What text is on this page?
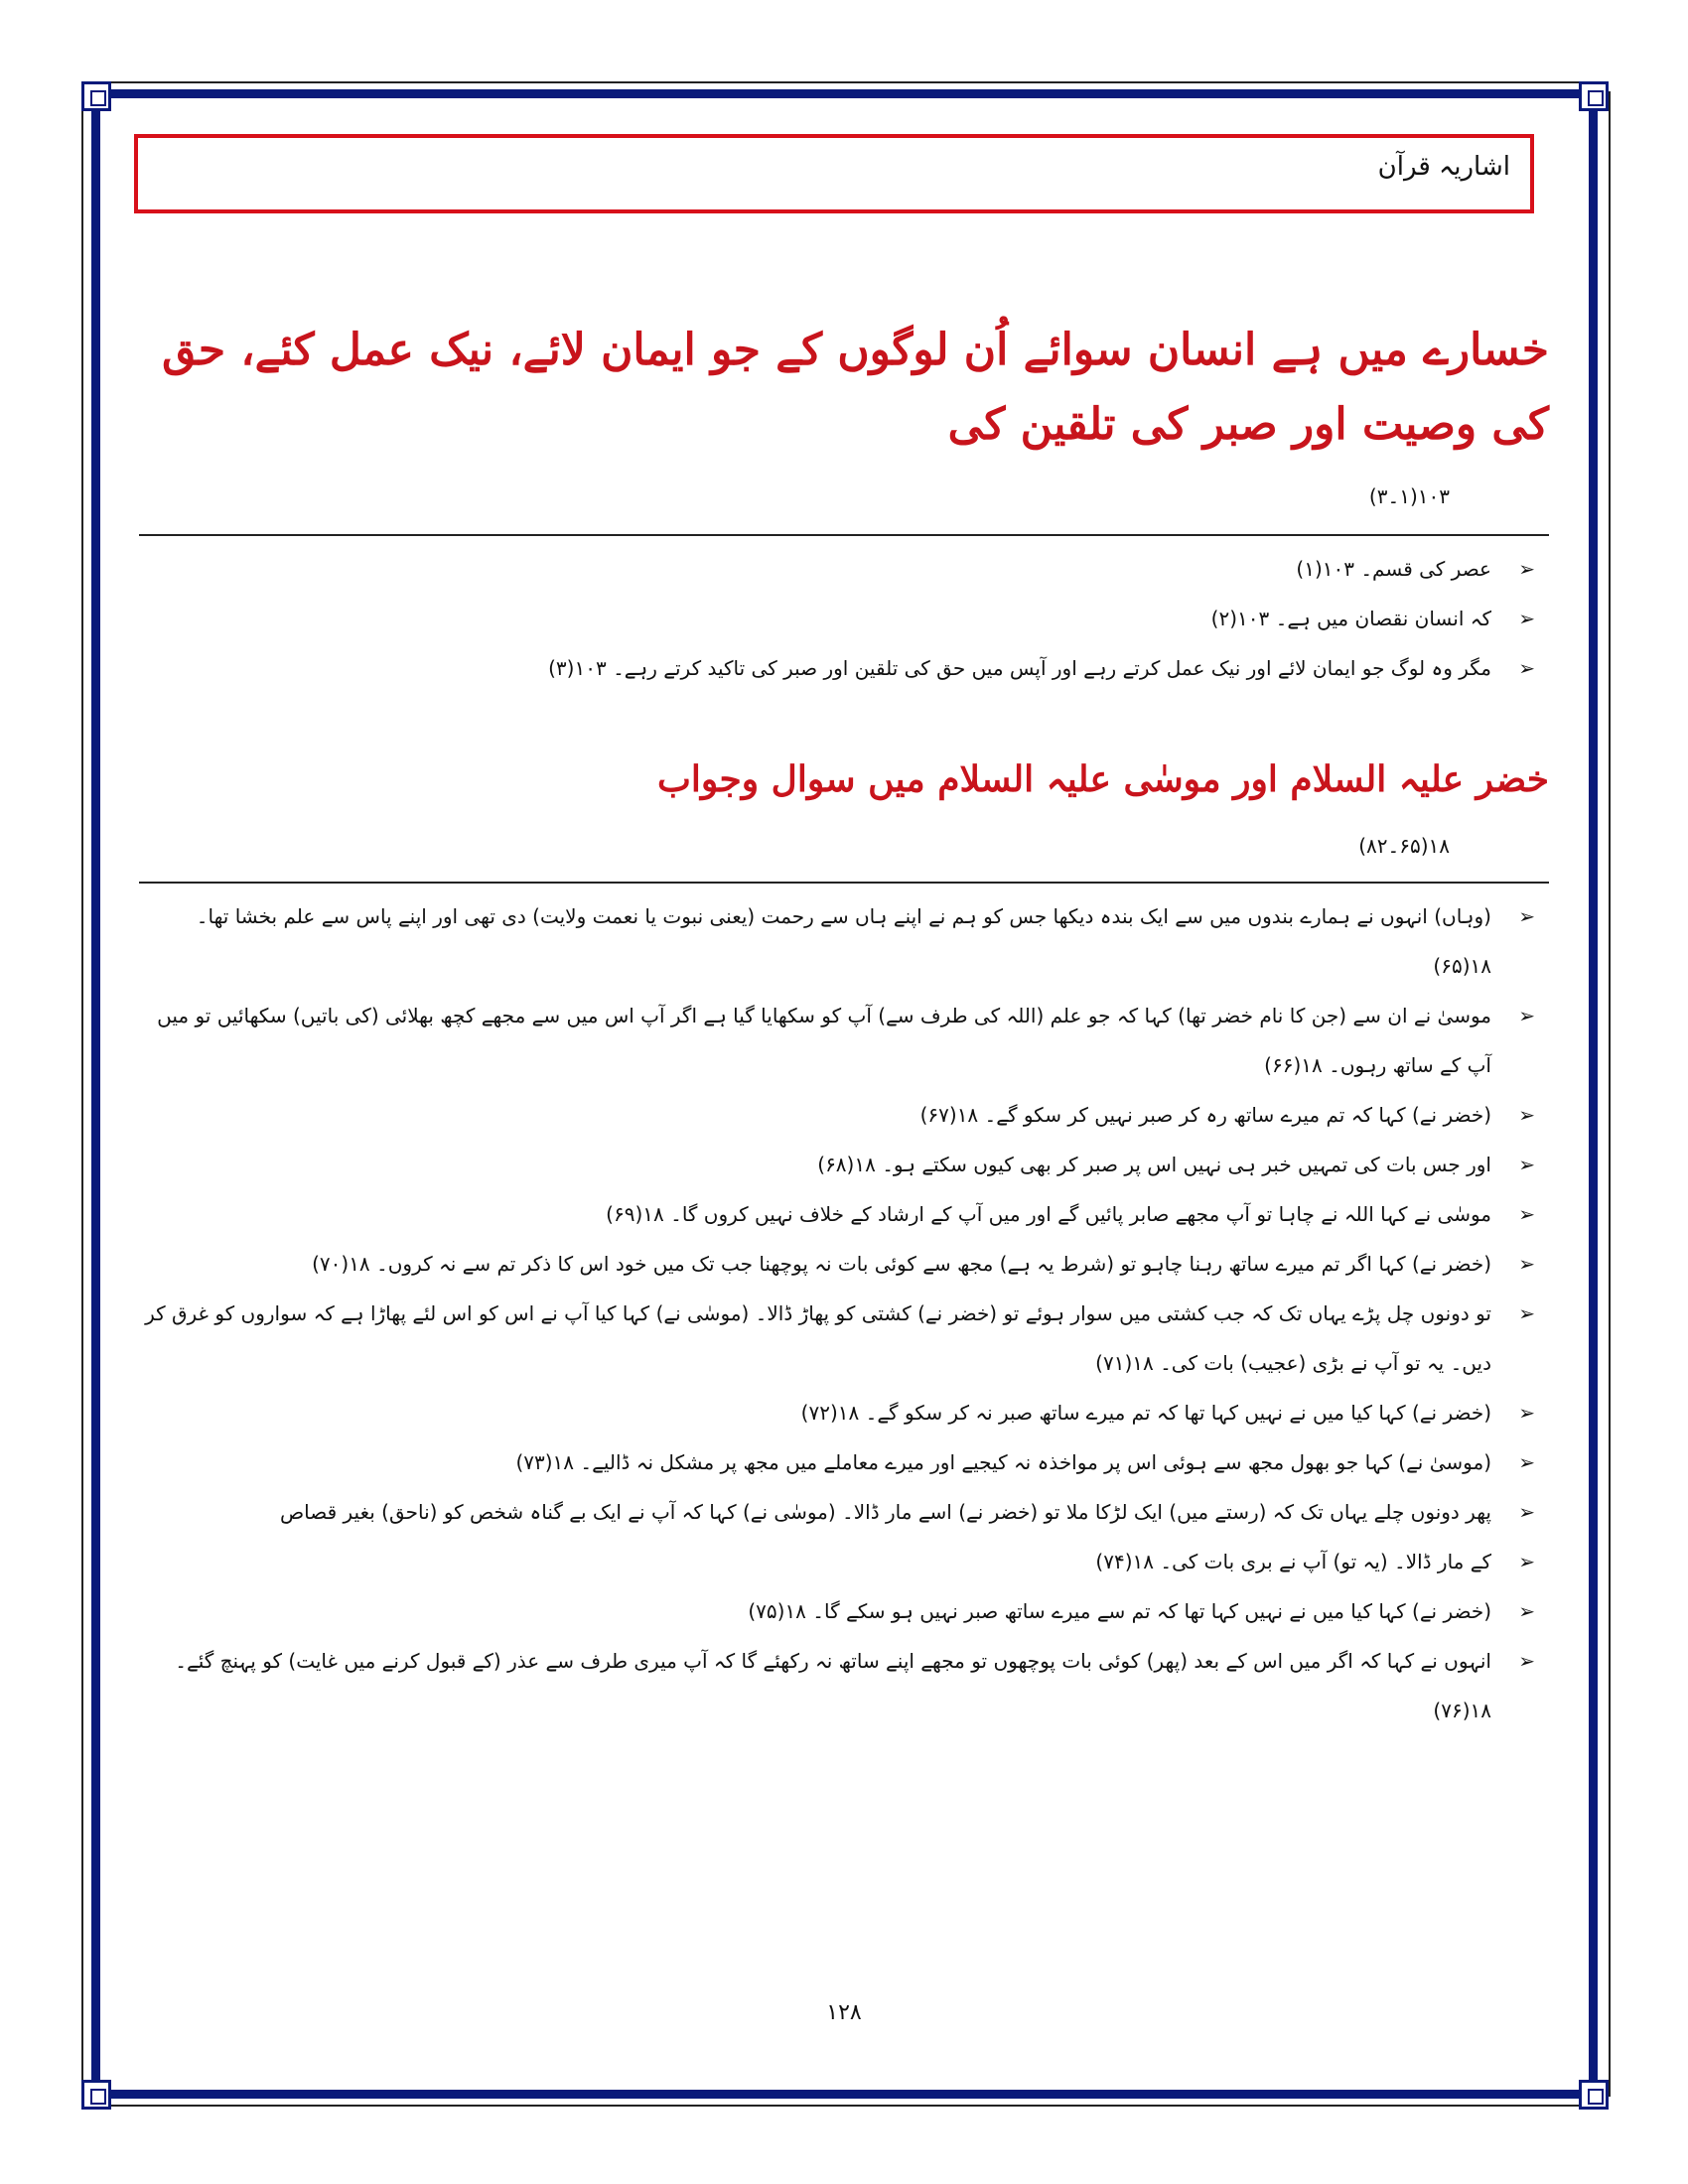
اشاریہ قرآن
خسارے میں ہے انسان سوائے اُن لوگوں کے جو ایمان لائے، نیک عمل کئے، حق کی وصیت اور صبر کی تلقین کی
۱۰۳(۱۔۳)
➢
عصر کی قسم۔ ۱۰۳(۱)
➢
کہ انسان نقصان میں ہے۔ ۱۰۳(۲)
➢
مگر وہ لوگ جو ایمان لائے اور نیک عمل کرتے رہے اور آپس میں حق کی تلقین اور صبر کی تاکید کرتے رہے۔ ۱۰۳(۳)
خضر علیہ السلام اور موسٰی علیہ السلام میں سوال وجواب
۱۸(۶۵۔۸۲)
➢
(وہاں) انہوں نے ہمارے بندوں میں سے ایک بندہ دیکھا جس کو ہم نے اپنے ہاں سے رحمت (یعنی نبوت یا نعمت ولایت) دی تھی اور اپنے پاس سے علم بخشا تھا۔ ۱۸(۶۵)
➢
موسیٰ نے ان سے (جن کا نام خضر تھا) کہا کہ جو علم (اللہ کی طرف سے) آپ کو سکھایا گیا ہے اگر آپ اس میں سے مجھے کچھ بھلائی (کی باتیں) سکھائیں تو میں آپ کے ساتھ رہوں۔ ۱۸(۶۶)
➢
(خضر نے) کہا کہ تم میرے ساتھ رہ کر صبر نہیں کر سکو گے۔ ۱۸(۶۷)
➢
اور جس بات کی تمہیں خبر ہی نہیں اس پر صبر کر بھی کیوں سکتے ہو۔ ۱۸(۶۸)
➢
موسٰی نے کہا اللہ نے چاہا تو آپ مجھے صابر پائیں گے اور میں آپ کے ارشاد کے خلاف نہیں کروں گا۔ ۱۸(۶۹)
➢
(خضر نے) کہا اگر تم میرے ساتھ رہنا چاہو تو (شرط یہ ہے) مجھ سے کوئی بات نہ پوچھنا جب تک میں خود اس کا ذکر تم سے نہ کروں۔ ۱۸(۷۰)
➢
تو دونوں چل پڑے یہاں تک کہ جب کشتی میں سوار ہوئے تو (خضر نے) کشتی کو پھاڑ ڈالا۔ (موسٰی نے) کہا کیا آپ نے اس کو اس لئے پھاڑا ہے کہ سواروں کو غرق کر دیں۔ یہ تو آپ نے بڑی (عجیب) بات کی۔ ۱۸(۷۱)
➢
(خضر نے) کہا کیا میں نے نہیں کہا تھا کہ تم میرے ساتھ صبر نہ کر سکو گے۔ ۱۸(۷۲)
➢
(موسیٰ نے) کہا جو بھول مجھ سے ہوئی اس پر مواخذہ نہ کیجیے اور میرے معاملے میں مجھ پر مشکل نہ ڈالیے۔ ۱۸(۷۳)
➢
پھر دونوں چلے یہاں تک کہ (رستے میں) ایک لڑکا ملا تو (خضر نے) اسے مار ڈالا۔ (موسٰی نے) کہا کہ آپ نے ایک بے گناہ شخص کو (ناحق) بغیر قصاص
➢
کے مار ڈالا۔ (یہ تو) آپ نے بری بات کی۔ ۱۸(۷۴)
➢
(خضر نے) کہا کیا میں نے نہیں کہا تھا کہ تم سے میرے ساتھ صبر نہیں ہو سکے گا۔ ۱۸(۷۵)
➢
انہوں نے کہا کہ اگر میں اس کے بعد (پھر) کوئی بات پوچھوں تو مجھے اپنے ساتھ نہ رکھئے گا کہ آپ میری طرف سے عذر (کے قبول کرنے میں غایت) کو پہنچ گئے۔ ۱۸(۷۶)
۱۲۸
